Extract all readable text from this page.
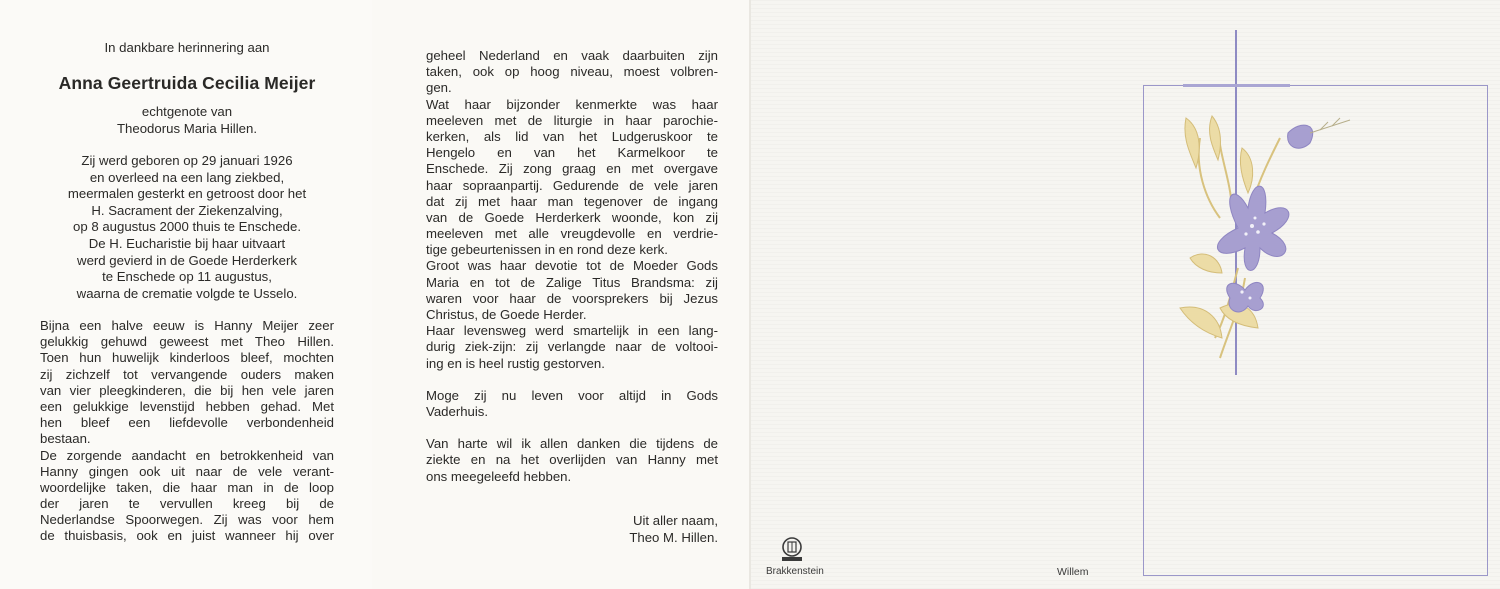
In dankbare herinnering aan
Anna Geertruida Cecilia Meijer
echtgenote van
Theodorus Maria Hillen.
Zij werd geboren op 29 januari 1926
en overleed na een lang ziekbed,
meermalen gesterkt en getroost door het
H. Sacrament der Ziekenzalving,
op 8 augustus 2000 thuis te Enschede.
De H. Eucharistie bij haar uitvaart
werd gevierd in de Goede Herderkerk
te Enschede op 11 augustus,
waarna de crematie volgde te Usselo.
Bijna een halve eeuw is Hanny Meijer zeer
gelukkig gehuwd geweest met Theo Hillen.
Toen hun huwelijk kinderloos bleef, mochten
zij zichzelf tot vervangende ouders maken
van vier pleegkinderen, die bij hen vele jaren
een gelukkige levenstijd hebben gehad. Met
hen bleef een liefdevolle verbondenheid
bestaan.
De zorgende aandacht en betrokkenheid van
Hanny gingen ook uit naar de vele verant-
woordelijke taken, die haar man in de loop
der jaren te vervullen kreeg bij de
Nederlandse Spoorwegen. Zij was voor hem
de thuisbasis, ook en juist wanneer hij over
geheel Nederland en vaak daarbuiten zijn
taken, ook op hoog niveau, moest volbren-
gen.
Wat haar bijzonder kenmerkte was haar
meeleven met de liturgie in haar parochie-
kerken, als lid van het Ludgeruskoor te
Hengelo en van het Karmelkoor te
Enschede. Zij zong graag en met overgave
haar sopraanpartij. Gedurende de vele jaren
dat zij met haar man tegenover de ingang
van de Goede Herderkerk woonde, kon zij
meeleven met alle vreugdevolle en verdrie-
tige gebeurtenissen in en rond deze kerk.
Groot was haar devotie tot de Moeder Gods
Maria en tot de Zalige Titus Brandsma: zij
waren voor haar de voorsprekers bij Jezus
Christus, de Goede Herder.
Haar levensweg werd smartelijk in een lang-
durig ziek-zijn: zij verlangde naar de voltooi-
ing en is heel rustig gestorven.
Moge zij nu leven voor altijd in Gods
Vaderhuis.
Van harte wil ik allen danken die tijdens de
ziekte en na het overlijden van Hanny met
ons meegeleefd hebben.
Uit aller naam,
Theo M. Hillen.
Brakkenstein	Willem
